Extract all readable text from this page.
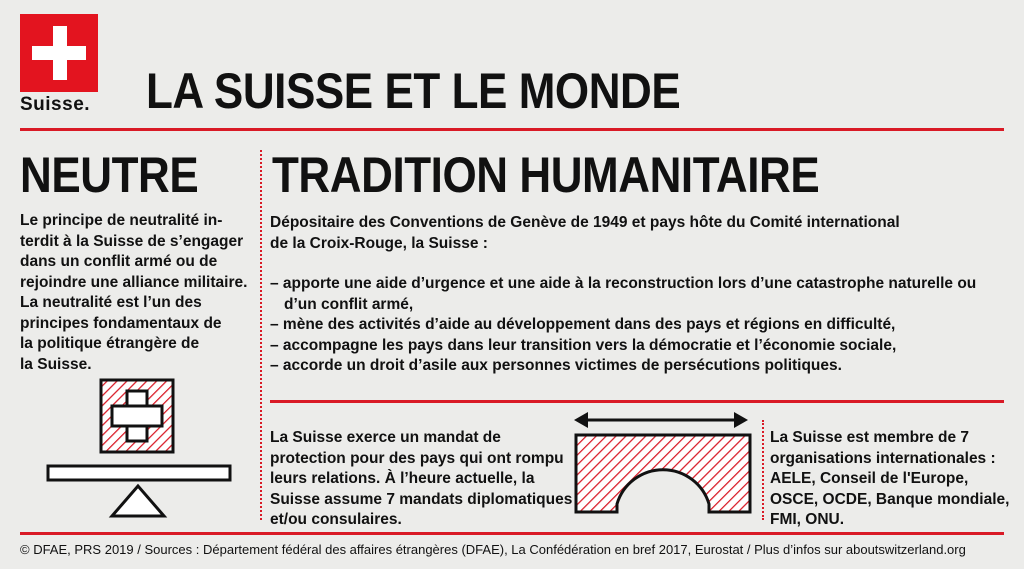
Suisse. LA SUISSE ET LE MONDE
NEUTRE
Le principe de neutralité in-
terdit à la Suisse de s’engager
dans un conflit armé ou de
rejoindre une alliance militaire.
La neutralité est l’un des
principes fondamentaux de
la politique étrangère de
la Suisse.
TRADITION HUMANITAIRE
Dépositaire des Conventions de Genève de 1949 et pays hôte du Comité international
de la Croix-Rouge, la Suisse :
– apporte une aide d’urgence et une aide à la reconstruction lors d’une catastrophe naturelle ou d’un conflit armé,
– mène des activités d’aide au développement dans des pays et régions en difficulté,
– accompagne les pays dans leur transition vers la démocratie et l’économie sociale,
– accorde un droit d’asile aux personnes victimes de persécutions politiques.
La Suisse exerce un mandat de
protection pour des pays qui ont rompu
leurs relations. À l’heure actuelle, la
Suisse assume 7 mandats diplomatiques
et/ou consulaires.
La Suisse est membre de 7
organisations internationales :
AELE, Conseil de l'Europe,
OSCE, OCDE, Banque mondiale,
FMI, ONU.
© DFAE, PRS 2019 / Sources : Département fédéral des affaires étrangères (DFAE), La Confédération en bref 2017, Eurostat / Plus d’infos sur aboutswitzerland.org
